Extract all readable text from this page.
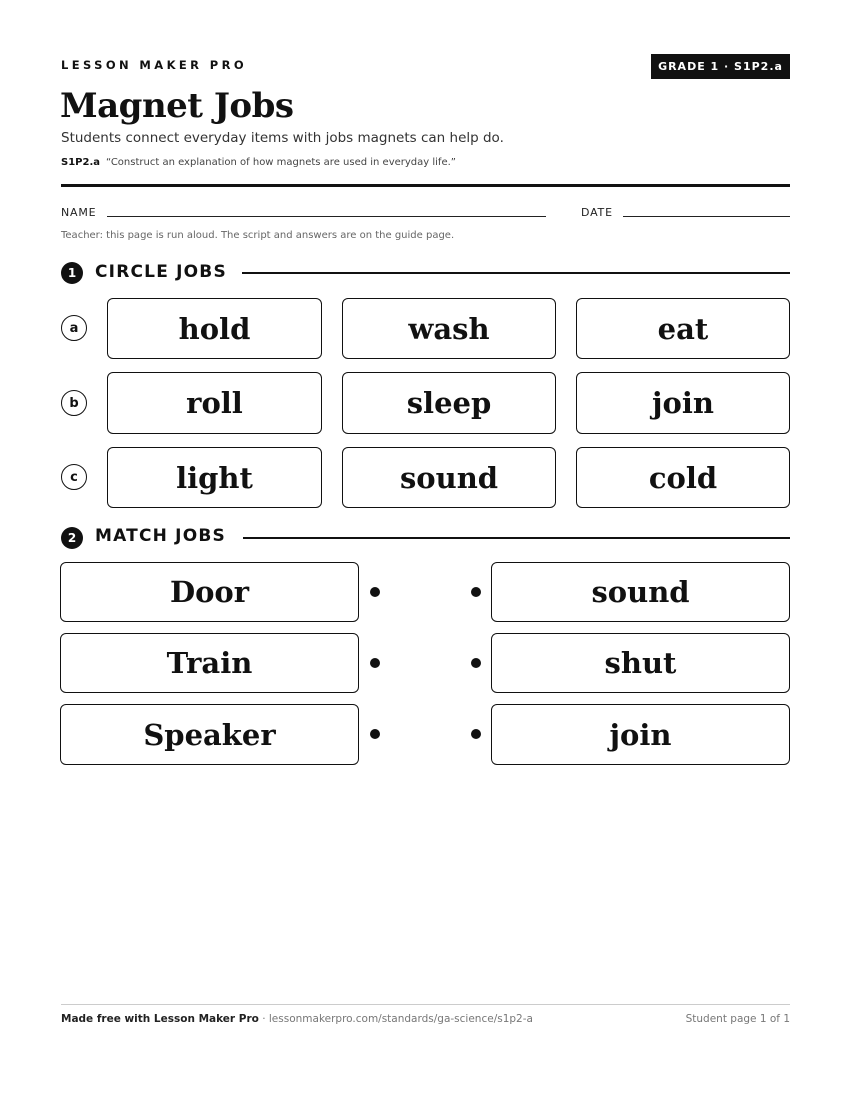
LESSON MAKER PRO	GRADE 1 · S1P2.a
Magnet Jobs
Students connect everyday items with jobs magnets can help do.
S1P2.a “Construct an explanation of how magnets are used in everyday life.”
NAME	DATE
Teacher: this page is run aloud. The script and answers are on the guide page.
1	CIRCLE JOBS
a	hold	wash	eat
b	roll	sleep	join
c	light	sound	cold
2	MATCH JOBS
Door	sound
Train	shut
Speaker	join
Made free with Lesson Maker Pro · lessonmakerpro.com/standards/ga-science/s1p2-a	Student page 1 of 1
